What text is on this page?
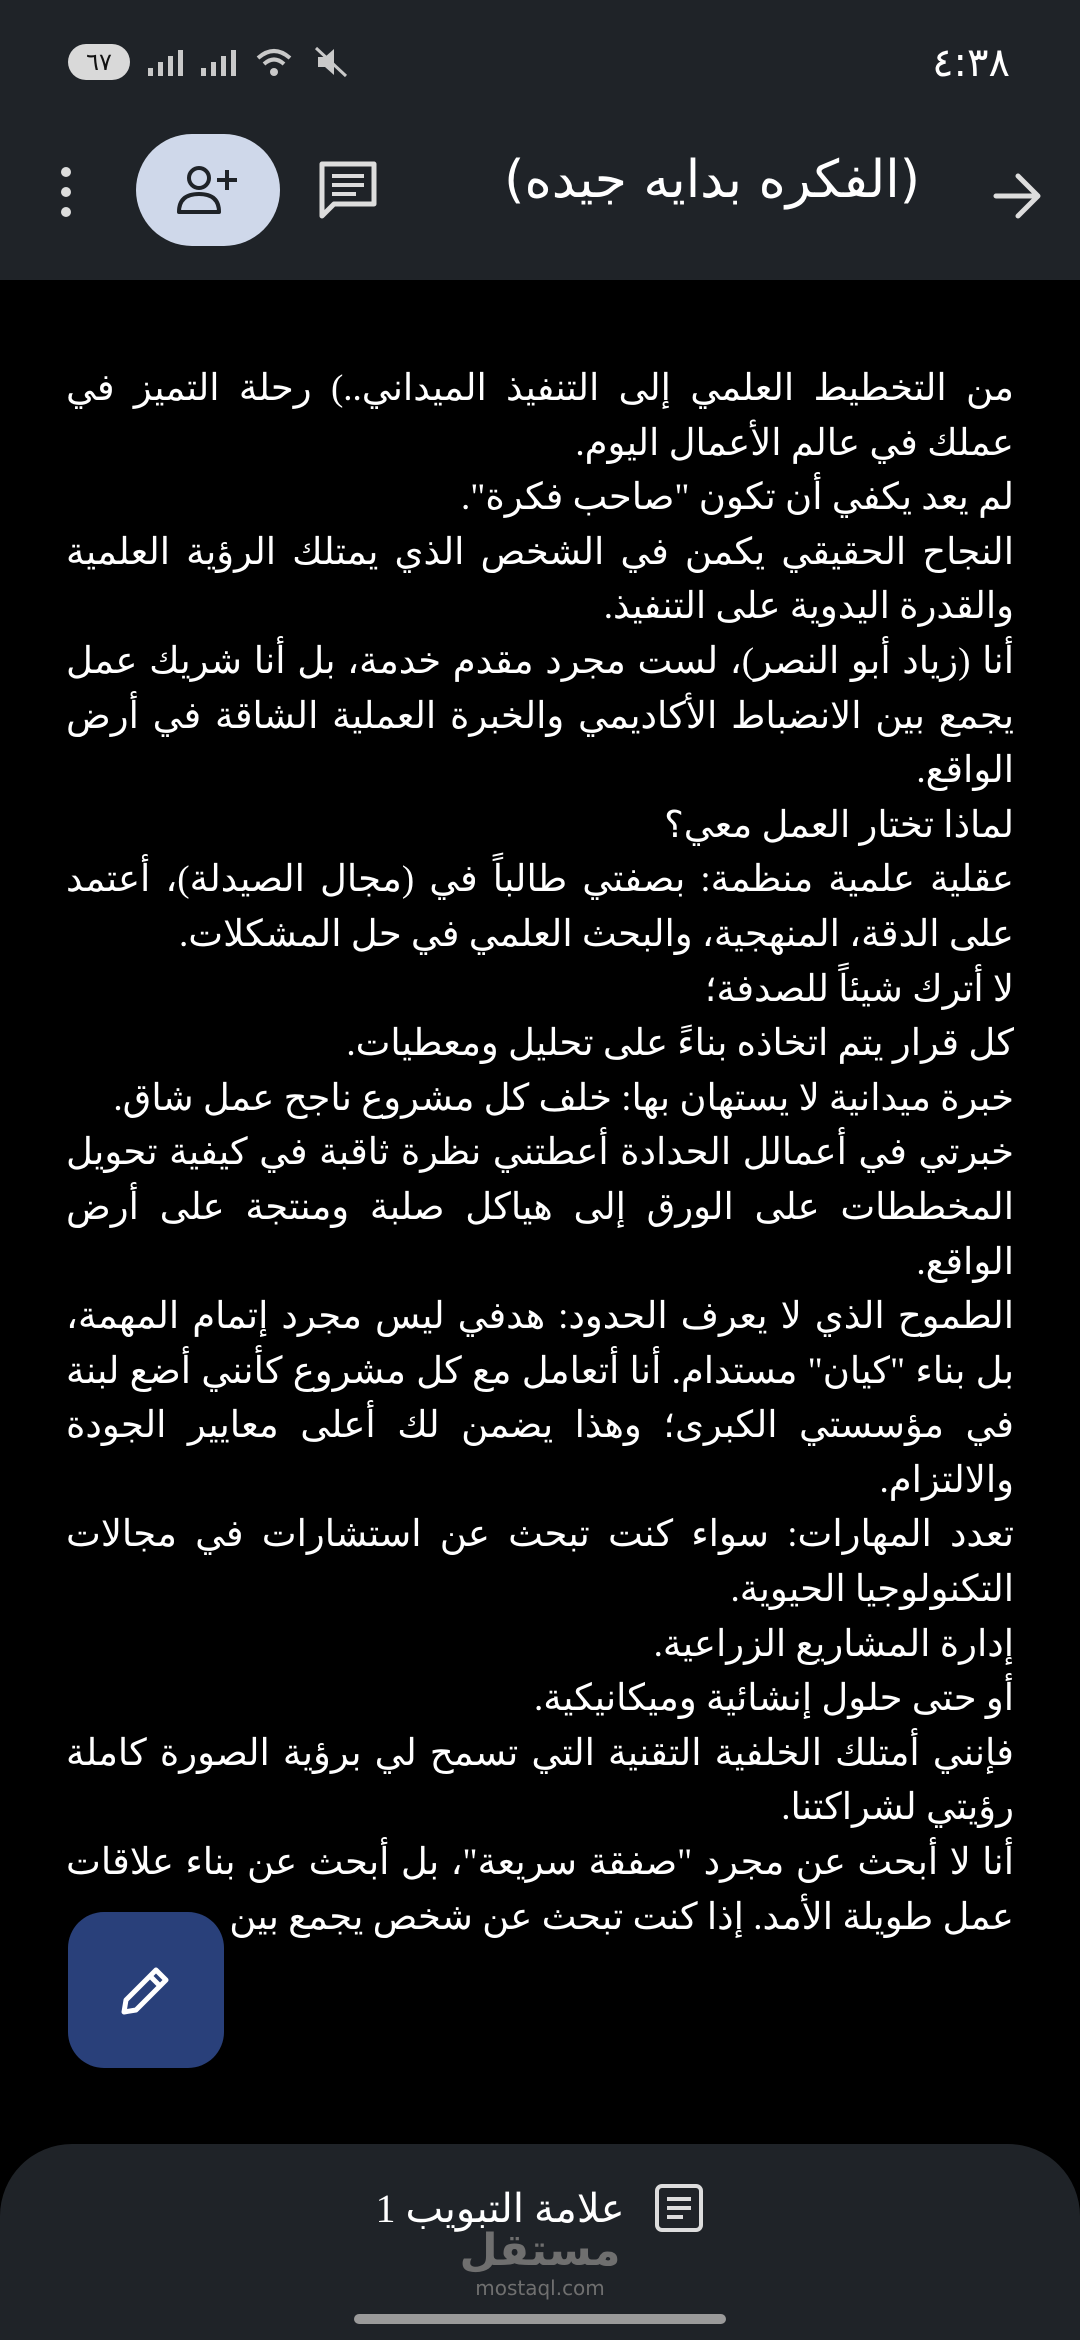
٤:٣٨
٦٧
(الفكره بدايه جيده)

من التخطيط العلمي إلى التنفيذ الميداني..) رحلة التميز في عملك في عالم الأعمال اليوم.

لم يعد يكفي أن تكون "صاحب فكرة".

النجاح الحقيقي يكمن في الشخص الذي يمتلك الرؤية العلمية والقدرة اليدوية على التنفيذ.

أنا (زياد أبو النصر)، لست مجرد مقدم خدمة، بل أنا شريك عمل يجمع بين الانضباط الأكاديمي والخبرة العملية الشاقة في أرض الواقع.

لماذا تختار العمل معي؟

عقلية علمية منظمة: بصفتي طالباً في (مجال الصيدلة)، أعتمد على الدقة، المنهجية، والبحث العلمي في حل المشكلات.

لا أترك شيئاً للصدفة؛

كل قرار يتم اتخاذه بناءً على تحليل ومعطيات.

خبرة ميدانية لا يستهان بها: خلف كل مشروع ناجح عمل شاق.

خبرتي في أعمالل الحدادة أعطتني نظرة ثاقبة في كيفية تحويل المخططات على الورق إلى هياكل صلبة ومنتجة على أرض الواقع.

الطموح الذي لا يعرف الحدود: هدفي ليس مجرد إتمام المهمة، بل بناء "كيان" مستدام. أنا أتعامل مع كل مشروع كأنني أضع لبنة في مؤسستي الكبرى؛ وهذا يضمن لك أعلى معايير الجودة والالتزام.

تعدد المهارات: سواء كنت تبحث عن استشارات في مجالات التكنولوجيا الحيوية.

إدارة المشاريع الزراعية.

أو حتى حلول إنشائية وميكانيكية.

فإنني أمتلك الخلفية التقنية التي تسمح لي برؤية الصورة كاملة رؤيتي لشراكتنا.

أنا لا أبحث عن مجرد "صفقة سريعة"، بل أبحث عن بناء علاقات عمل طويلة الأمد. إذا كنت تبحث عن شخص يجمع بين

علامة التبويب 1
مستقل
mostaql.com
